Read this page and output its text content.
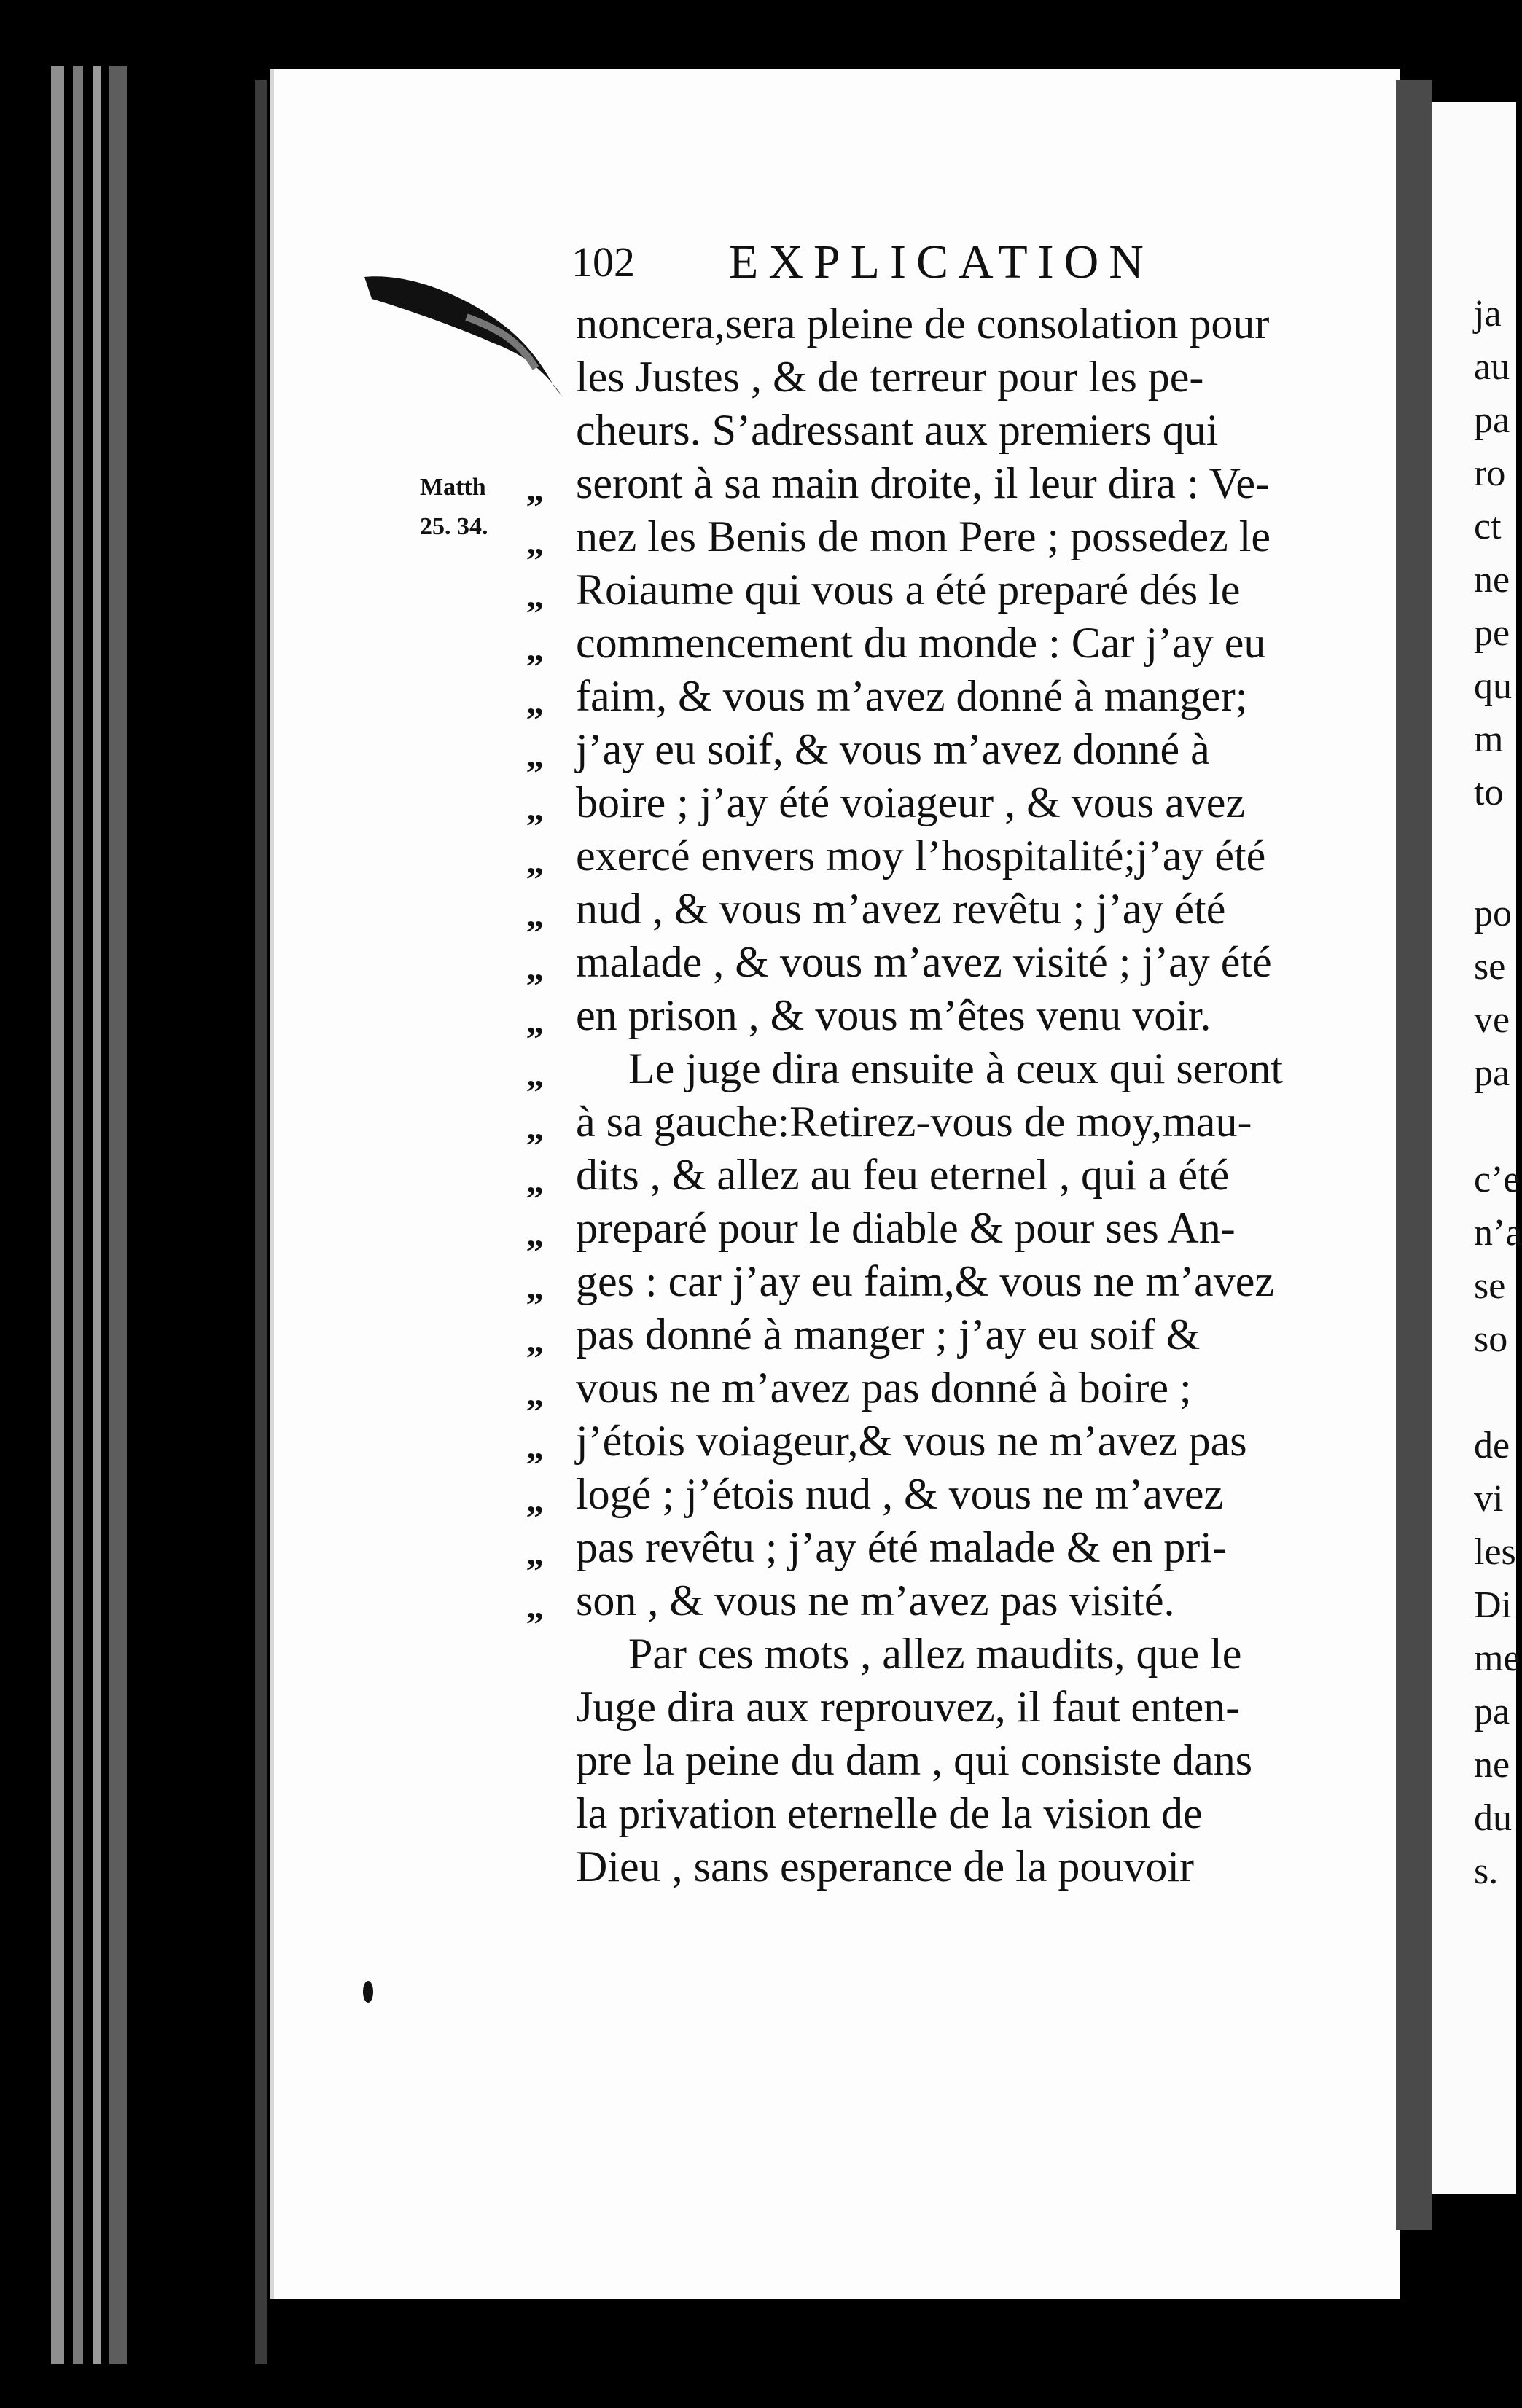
102 EXPLICATION
Matth
25. 34.
noncera,sera pleine de consolation pour
les Justes , & de terreur pour les pe-
cheurs. S’adressant aux premiers qui
seront à sa main droite, il leur dira : Ve-
nez les Benis de mon Pere ; possedez le
Roiaume qui vous a été preparé dés le
commencement du monde : Car j’ay eu
faim, & vous m’avez donné à manger;
j’ay eu soif, & vous m’avez donné à
boire ; j’ay été voiageur , & vous avez
exercé envers moy l’hospitalité;j’ay été
nud , & vous m’avez revêtu ; j’ay été
malade , & vous m’avez visité ; j’ay été
en prison , & vous m’êtes venu voir.
Le juge dira ensuite à ceux qui seront
à sa gauche:Retirez-vous de moy,mau-
dits , & allez au feu eternel , qui a été
preparé pour le diable & pour ses An-
ges : car j’ay eu faim,& vous ne m’avez
pas donné à manger ; j’ay eu soif &
vous ne m’avez pas donné à boire ;
j’étois voiageur,& vous ne m’avez pas
logé ; j’étois nud , & vous ne m’avez
pas revêtu ; j’ay été malade & en pri-
son , & vous ne m’avez pas visité.
Par ces mots , allez maudits, que le
Juge dira aux reprouvez, il faut enten-
pre la peine du dam , qui consiste dans
la privation eternelle de la vision de
Dieu , sans esperance de la pouvoir
„
„
„
„
„
„
„
„
„
„
„
„
„
„
„
„
„
„
„
„
„
„
ja
au
pa
ro
ct
ne
pe
qu
m
to
po
se
ve
pa
c’e
n’a
se
so
de
vi
les
Di
me
pa
ne
du
s.
